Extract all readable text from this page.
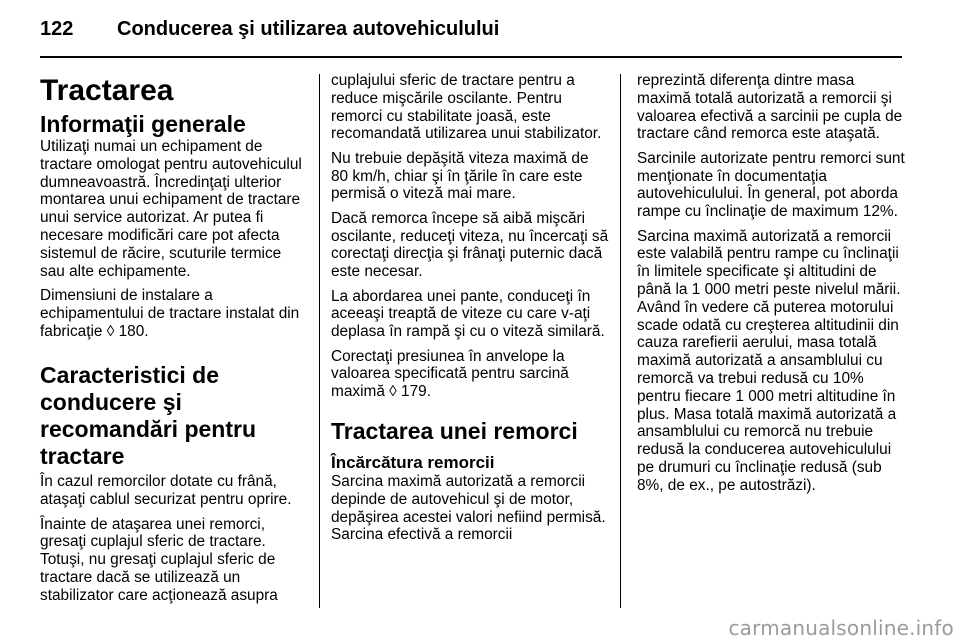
122 Conducerea şi utilizarea autovehiculului
Tractarea
Informaţii generale

Utilizaţi numai un echipament de tractare omologat pentru autovehiculul dumneavoastră. Încredinţaţi ulterior montarea unui echipament de tractare unui service autorizat. Ar putea fi necesare modificări care pot afecta sistemul de răcire, scuturile termice sau alte echipamente.

Dimensiuni de instalare a echipamentului de tractare instalat din fabricaţie ◊ 180.

Caracteristici de conducere şi recomandări pentru tractare

În cazul remorcilor dotate cu frână, ataşaţi cablul securizat pentru oprire.

Înainte de ataşarea unei remorci, gresaţi cuplajul sferic de tractare. Totuşi, nu gresaţi cuplajul sferic de tractare dacă se utilizează un stabilizator care acţionează asupra

cuplajului sferic de tractare pentru a reduce mişcările oscilante. Pentru remorci cu stabilitate joasă, este recomandată utilizarea unui stabilizator.

Nu trebuie depăşită viteza maximă de 80 km/h, chiar şi în ţările în care este permisă o viteză mai mare.

Dacă remorca începe să aibă mişcări oscilante, reduceţi viteza, nu încercaţi să corectaţi direcţia şi frânaţi puternic dacă este necesar.

La abordarea unei pante, conduceţi în aceeaşi treaptă de viteze cu care v-aţi deplasa în rampă şi cu o viteză similară.

Corectaţi presiunea în anvelope la valoarea specificată pentru sarcină maximă ◊ 179.

Tractarea unei remorci
Încărcătura remorcii

Sarcina maximă autorizată a remorcii depinde de autovehicul şi de motor, depăşirea acestei valori nefiind permisă. Sarcina efectivă a remorcii

reprezintă diferenţa dintre masa maximă totală autorizată a remorcii şi valoarea efectivă a sarcinii pe cupla de tractare când remorca este ataşată.

Sarcinile autorizate pentru remorci sunt menţionate în documentaţia autovehiculului. În general, pot aborda rampe cu înclinaţie de maximum 12%.

Sarcina maximă autorizată a remorcii este valabilă pentru rampe cu înclinaţii în limitele specificate şi altitudini de până la 1 000 metri peste nivelul mării. Având în vedere că puterea motorului scade odată cu creşterea altitudinii din cauza rarefierii aerului, masa totală maximă autorizată a ansamblului cu remorcă va trebui redusă cu 10% pentru fiecare 1 000 metri altitudine în plus. Masa totală maximă autorizată a ansamblului cu remorcă nu trebuie redusă la conducerea autovehiculului pe drumuri cu înclinaţie redusă (sub 8%, de ex., pe autostrăzi).

carmanualsonline.info
